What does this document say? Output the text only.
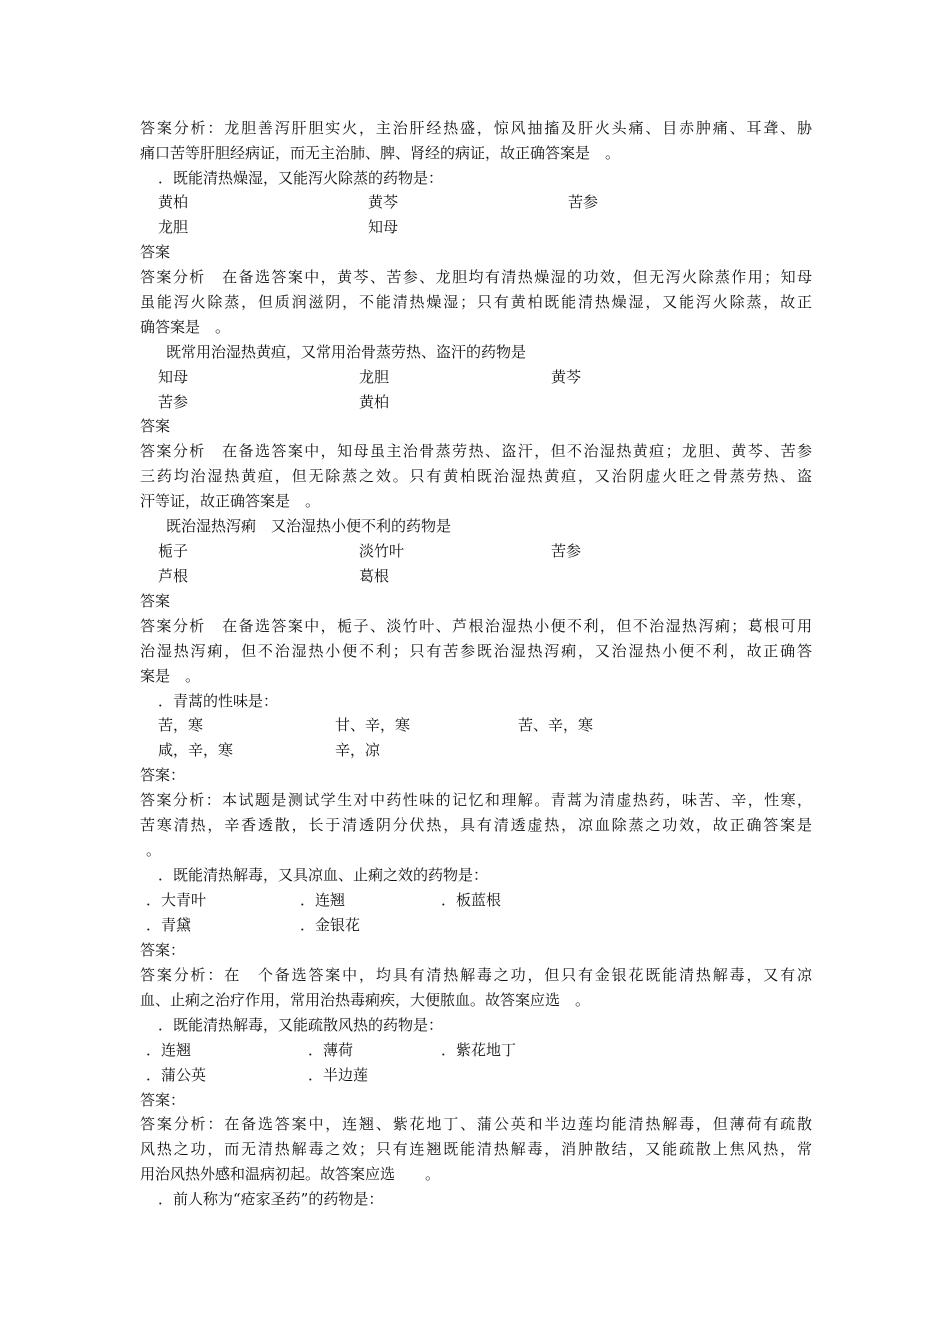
答案分析：龙胆善泻肝胆实火，主治肝经热盛，惊风抽搐及肝火头痛、目赤肿痛、耳聋、胁
痛口苦等肝胆经病证，而无主治肺、脾、肾经的病证，故正确答案是　。
．既能清热燥湿，又能泻火除蒸的药物是：
黄柏	黄芩	苦参
龙胆	知母
答案
答案分析　在备选答案中，黄芩、苦参、龙胆均有清热燥湿的功效，但无泻火除蒸作用；知母
虽能泻火除蒸，但质润滋阴，不能清热燥湿；只有黄柏既能清热燥湿，又能泻火除蒸，故正
确答案是　。
既常用治湿热黄疸，又常用治骨蒸劳热、盗汗的药物是
知母	龙胆	黄芩
苦参	黄柏
答案
答案分析　在备选答案中，知母虽主治骨蒸劳热、盗汗，但不治湿热黄疸；龙胆、黄芩、苦参
三药均治湿热黄疸，但无除蒸之效。只有黄柏既治湿热黄疸，又治阴虚火旺之骨蒸劳热、盗
汗等证，故正确答案是　。
既治湿热泻痢　又治湿热小便不利的药物是
栀子	淡竹叶	苦参
芦根	葛根
答案
答案分析　在备选答案中，栀子、淡竹叶、芦根治湿热小便不利，但不治湿热泻痢；葛根可用
治湿热泻痢，但不治湿热小便不利；只有苦参既治湿热泻痢，又治湿热小便不利，故正确答
案是　。
．青蒿的性味是：
苦，寒	甘、辛，寒	苦、辛，寒
咸，辛，寒	辛，凉
答案：
答案分析：本试题是测试学生对中药性味的记忆和理解。青蒿为清虚热药，味苦、辛，性寒，
苦寒清热，辛香透散，长于清透阴分伏热，具有清透虚热，凉血除蒸之功效，故正确答案是
。
．既能清热解毒，又具凉血、止痢之效的药物是：
．大青叶	．连翘	．板蓝根
．青黛	．金银花
答案：
答案分析：在　个备选答案中，均具有清热解毒之功，但只有金银花既能清热解毒，又有凉
血、止痢之治疗作用，常用治热毒痢疾，大便脓血。故答案应选　。
．既能清热解毒，又能疏散风热的药物是：
．连翘	．薄荷	．紫花地丁
．蒲公英	．半边莲
答案：
答案分析：在备选答案中，连翘、紫花地丁、蒲公英和半边莲均能清热解毒，但薄荷有疏散
风热之功，而无清热解毒之效；只有连翘既能清热解毒，消肿散结，又能疏散上焦风热，常
用治风热外感和温病初起。故答案应选　　。
．前人称为“疮家圣药”的药物是：
